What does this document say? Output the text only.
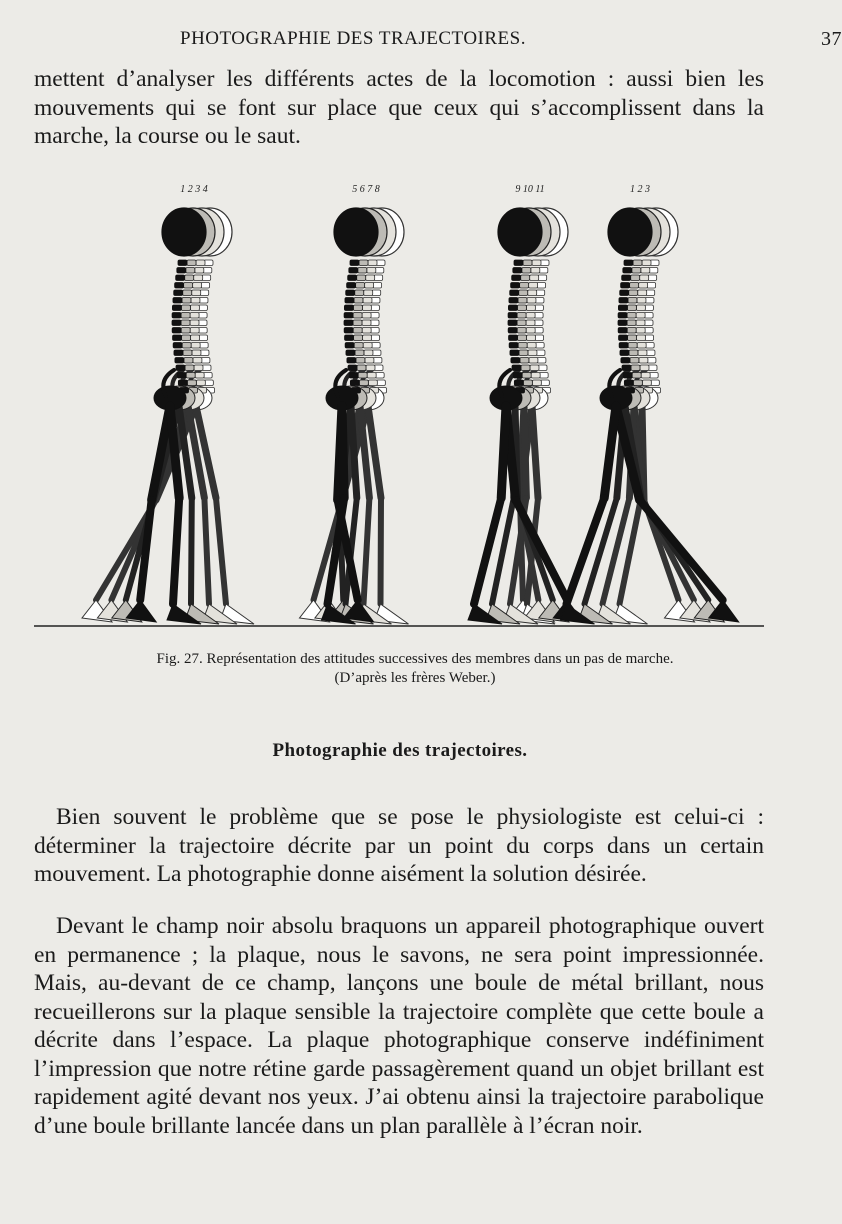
PHOTOGRAPHIE DES TRAJECTOIRES.	37

mettent d’analyser les différents actes de la locomotion : aussi bien les mouvements qui se font sur place que ceux qui s’accomplissent dans la marche, la course ou le saut.

1 2 3 4	5 6 7 8	9 10 11	1 2 3
Fig. 27. Représentation des attitudes successives des membres dans un pas de marche.
(D’après les frères Weber.)
Photographie des trajectoires.

Bien souvent le problème que se pose le physiologiste est celui-ci : déterminer la trajectoire décrite par un point du corps dans un certain mouvement. La photographie donne aisément la solution désirée.

Devant le champ noir absolu braquons un appareil photographique ouvert en permanence ; la plaque, nous le savons, ne sera point impressionnée. Mais, au-devant de ce champ, lançons une boule de métal brillant, nous recueillerons sur la plaque sensible la trajectoire complète que cette boule a décrite dans l’espace. La plaque photographique conserve indéfiniment l’impression que notre rétine garde passagèrement quand un objet brillant est rapidement agité devant nos yeux. J’ai obtenu ainsi la trajectoire parabolique d’une boule brillante lancée dans un plan parallèle à l’écran noir.
